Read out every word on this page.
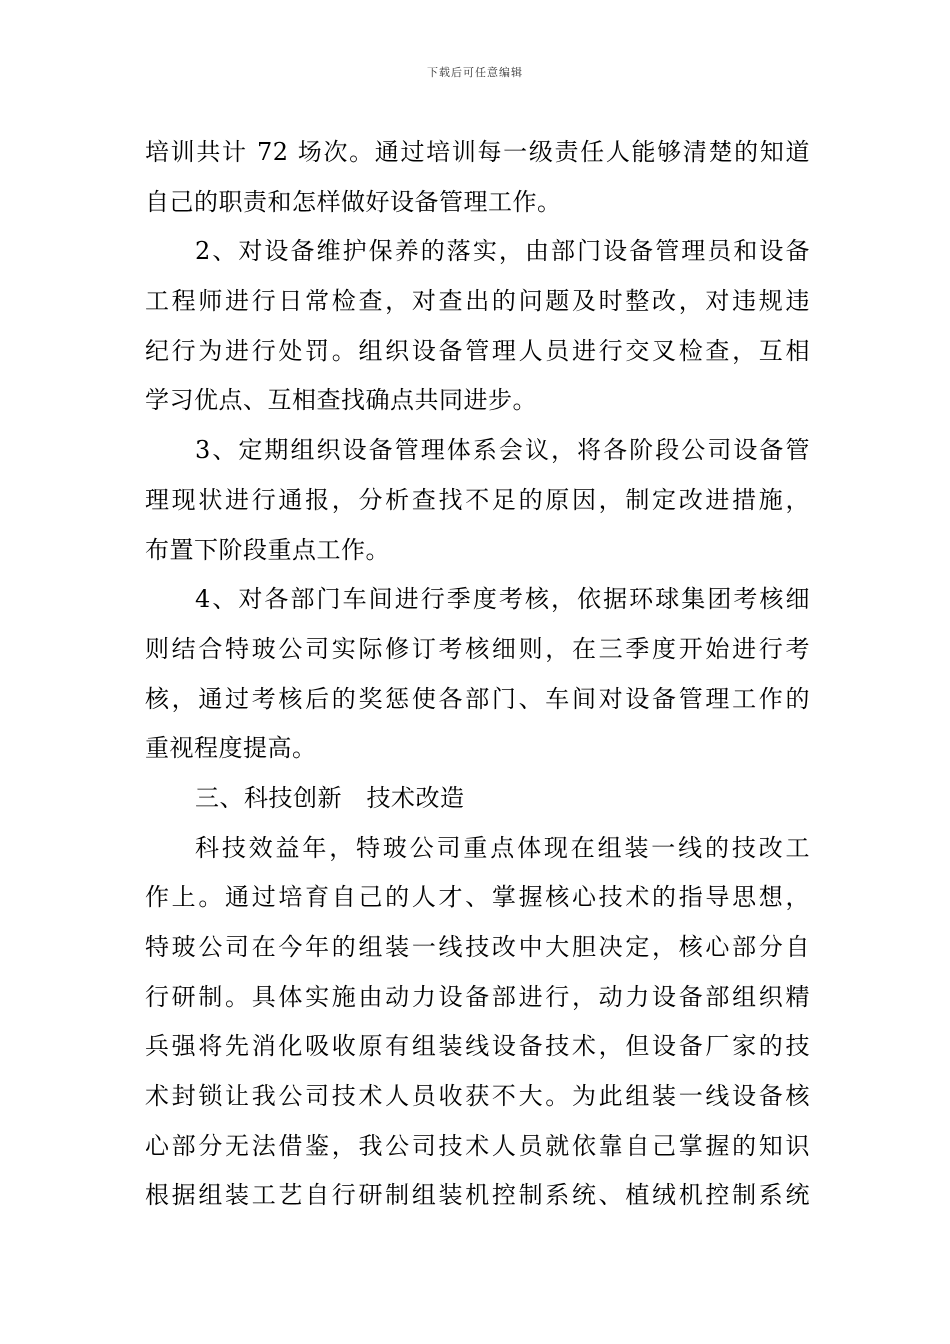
下载后可任意编辑
培训共计 72 场次。通过培训每一级责任人能够清楚的知道
自己的职责和怎样做好设备管理工作。
2、对设备维护保养的落实，由部门设备管理员和设备
工程师进行日常检查，对查出的问题及时整改，对违规违
纪行为进行处罚。组织设备管理人员进行交叉检查，互相
学习优点、互相查找确点共同进步。
3、定期组织设备管理体系会议，将各阶段公司设备管
理现状进行通报，分析查找不足的原因，制定改进措施，
布置下阶段重点工作。
4、对各部门车间进行季度考核，依据环球集团考核细
则结合特玻公司实际修订考核细则，在三季度开始进行考
核，通过考核后的奖惩使各部门、车间对设备管理工作的
重视程度提高。
三、科技创新　技术改造
科技效益年，特玻公司重点体现在组装一线的技改工
作上。通过培育自己的人才、掌握核心技术的指导思想，
特玻公司在今年的组装一线技改中大胆决定，核心部分自
行研制。具体实施由动力设备部进行，动力设备部组织精
兵强将先消化吸收原有组装线设备技术，但设备厂家的技
术封锁让我公司技术人员收获不大。为此组装一线设备核
心部分无法借鉴，我公司技术人员就依靠自己掌握的知识
根据组装工艺自行研制组装机控制系统、植绒机控制系统
